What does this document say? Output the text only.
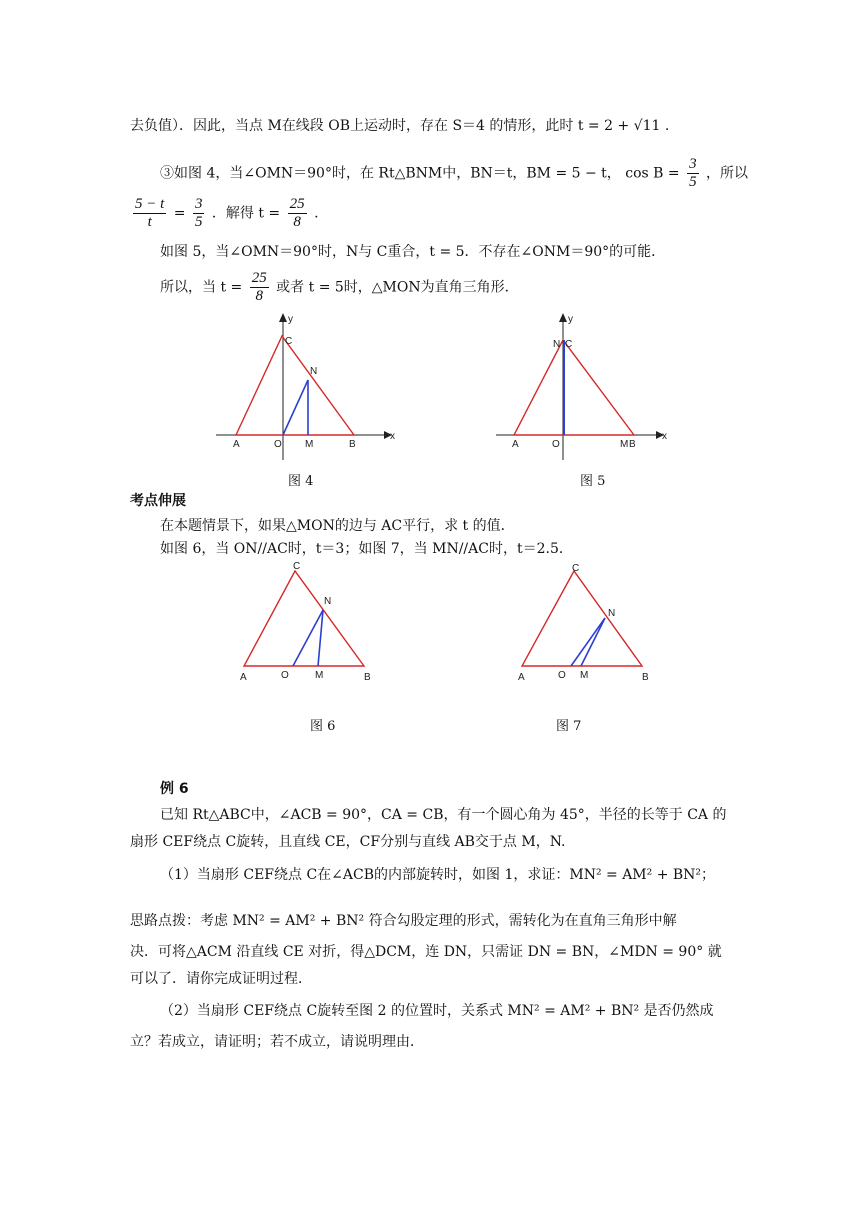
去负值）．因此，当点 M在线段 OB上运动时，存在 S＝4 的情形，此时 t = 2 + √11 .
③如图 4，当∠OMN＝90°时，在 Rt△BNM中，BN＝t，BM = 5 − t， $\cos B = \frac{3}{5}$ ，所以
$\frac{5 - t}{t} = \frac{3}{5}$ ．解得 $t = \frac{25}{8}$ .
如图 5，当∠OMN＝90°时，N与 C重合，t = 5．不存在∠ONM＝90°的可能．
所以，当 $t = \frac{25}{8}$ 或者 t = 5时，△MON为直角三角形．
y
x
C
N
A	O M	B
图 4
y
x
N C
A	O	M B
图 5
考点伸展
在本题情景下，如果△MON的边与 AC平行，求 t 的值．
如图 6，当 ON//AC时，t＝3；如图 7，当 MN//AC时，t＝2.5．
C
N
A	O	M	B
图 6
C
N
A	O M	B
图 7
例 6
已知 Rt△ABC中，∠ACB = 90°，CA = CB，有一个圆心角为 45°，半径的长等于 CA 的
扇形 CEF绕点 C旋转，且直线 CE，CF分别与直线 AB交于点 M，N.
（1）当扇形 CEF绕点 C在∠ACB的内部旋转时，如图 1，求证：MN² = AM² + BN²；
思路点拨：考虑 MN² = AM² + BN² 符合勾股定理的形式，需转化为在直角三角形中解
决．可将△ACM 沿直线 CE 对折，得△DCM，连 DN，只需证 DN = BN，∠MDN = 90° 就
可以了．请你完成证明过程．
（2）当扇形 CEF绕点 C旋转至图 2 的位置时，关系式 MN² = AM² + BN² 是否仍然成
立？若成立，请证明；若不成立，请说明理由．
